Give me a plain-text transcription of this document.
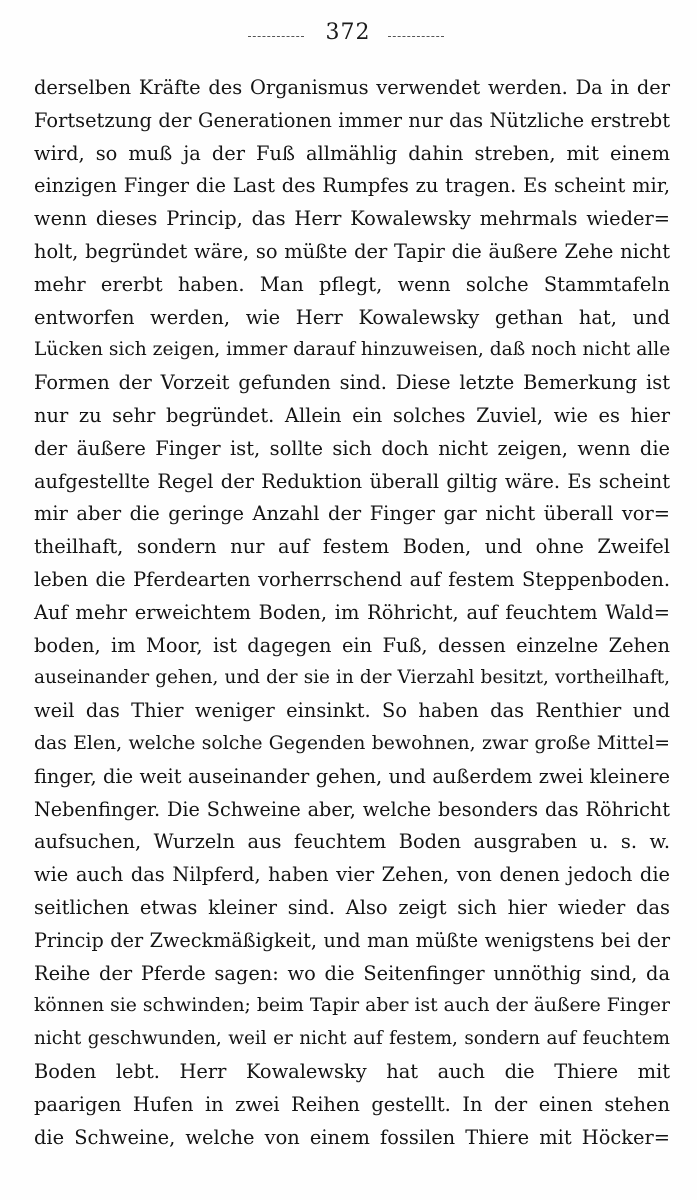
372
derselben Kräfte des Organismus verwendet werden. Da in der
Fortsetzung der Generationen immer nur das Nützliche erstrebt
wird, so muß ja der Fuß allmählig dahin streben, mit einem
einzigen Finger die Last des Rumpfes zu tragen. Es scheint mir,
wenn dieses Princip, das Herr Kowalewsky mehrmals wieder=
holt, begründet wäre, so müßte der Tapir die äußere Zehe nicht
mehr ererbt haben. Man pflegt, wenn solche Stammtafeln
entworfen werden, wie Herr Kowalewsky gethan hat, und
Lücken sich zeigen, immer darauf hinzuweisen, daß noch nicht alle
Formen der Vorzeit gefunden sind. Diese letzte Bemerkung ist
nur zu sehr begründet. Allein ein solches Zuviel, wie es hier
der äußere Finger ist, sollte sich doch nicht zeigen, wenn die
aufgestellte Regel der Reduktion überall giltig wäre. Es scheint
mir aber die geringe Anzahl der Finger gar nicht überall vor=
theilhaft, sondern nur auf festem Boden, und ohne Zweifel
leben die Pferdearten vorherrschend auf festem Steppenboden.
Auf mehr erweichtem Boden, im Röhricht, auf feuchtem Wald=
boden, im Moor, ist dagegen ein Fuß, dessen einzelne Zehen
auseinander gehen, und der sie in der Vierzahl besitzt, vortheilhaft,
weil das Thier weniger einsinkt. So haben das Renthier und
das Elen, welche solche Gegenden bewohnen, zwar große Mittel=
finger, die weit auseinander gehen, und außerdem zwei kleinere
Nebenfinger. Die Schweine aber, welche besonders das Röhricht
aufsuchen, Wurzeln aus feuchtem Boden ausgraben u. s. w.
wie auch das Nilpferd, haben vier Zehen, von denen jedoch die
seitlichen etwas kleiner sind. Also zeigt sich hier wieder das
Princip der Zweckmäßigkeit, und man müßte wenigstens bei der
Reihe der Pferde sagen: wo die Seitenfinger unnöthig sind, da
können sie schwinden; beim Tapir aber ist auch der äußere Finger
nicht geschwunden, weil er nicht auf festem, sondern auf feuchtem
Boden lebt. Herr Kowalewsky hat auch die Thiere mit
paarigen Hufen in zwei Reihen gestellt. In der einen stehen
die Schweine, welche von einem fossilen Thiere mit Höcker=
